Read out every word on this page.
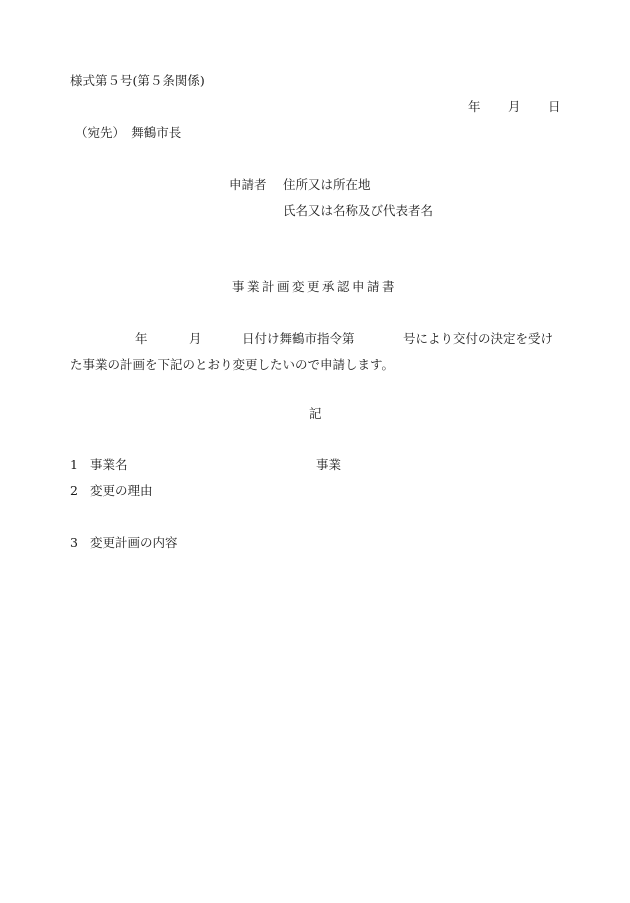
様式第５号(第５条関係)
年 月 日
（宛先）　舞鶴市長
申請者 住所又は所在地
氏名又は名称及び代表者名
事業計画変更承認申請書
年	月	日付け舞鶴市指令第	号により交付の決定を受け
た事業の計画を下記のとおり変更したいので申請します。
記
1 事業名	事業
2 変更の理由
3 変更計画の内容
